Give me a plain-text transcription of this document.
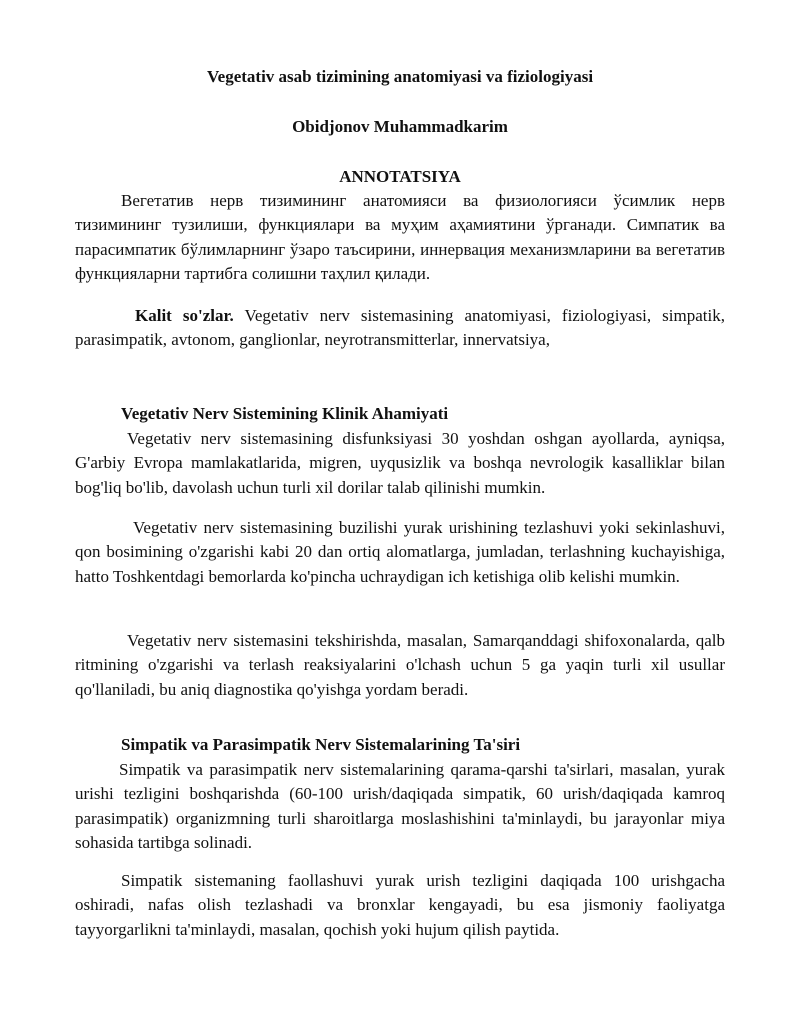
Vegetativ asab tizimining anatomiyasi va fiziologiyasi
Obidjonov Muhammadkarim
ANNOTATSIYA
Вегетатив нерв тизимининг анатомияси ва физиологияси ўсимлик нерв тизимининг тузилиши, функциялари ва муҳим аҳамиятини ўрганади. Симпатик ва парасимпатик бўлимларнинг ўзаро таъсирини, иннервация механизмларини ва вегетатив функцияларни тартибга солишни таҳлил қилади.
Kalit so'zlar. Vegetativ nerv sistemasining anatomiyasi, fiziologiyasi, simpatik, parasimpatik, avtonom, ganglionlar, neyrotransmitterlar, innervatsiya,
Vegetativ Nerv Sistemining Klinik Ahamiyati
Vegetativ nerv sistemasining disfunksiyasi 30 yoshdan oshgan ayollarda, ayniqsa, G'arbiy Evropa mamlakatlarida, migren, uyqusizlik va boshqa nevrologik kasalliklar bilan bog'liq bo'lib, davolash uchun turli xil dorilar talab qilinishi mumkin.
Vegetativ nerv sistemasining buzilishi yurak urishining tezlashuvi yoki sekinlashuvi, qon bosimining o'zgarishi kabi 20 dan ortiq alomatlarga, jumladan, terlashning kuchayishiga, hatto Toshkentdagi bemorlarda ko'pincha uchraydigan ich ketishiga olib kelishi mumkin.
Vegetativ nerv sistemasini tekshirishda, masalan, Samarqanddagi shifoxonalarda, qalb ritmining o'zgarishi va terlash reaksiyalarini o'lchash uchun 5 ga yaqin turli xil usullar qo'llaniladi, bu aniq diagnostika qo'yishga yordam beradi.
Simpatik va Parasimpatik Nerv Sistemalarining Ta'siri
Simpatik va parasimpatik nerv sistemalarining qarama-qarshi ta'sirlari, masalan, yurak urishi tezligini boshqarishda (60-100 urish/daqiqada simpatik, 60 urish/daqiqada kamroq parasimpatik) organizmning turli sharoitlarga moslashishini ta'minlaydi, bu jarayonlar miya sohasida tartibga solinadi.
Simpatik sistemaning faollashuvi yurak urish tezligini daqiqada 100 urishgacha oshiradi, nafas olish tezlashadi va bronxlar kengayadi, bu esa jismoniy faoliyatga tayyorgarlikni ta'minlaydi, masalan, qochish yoki hujum qilish paytida.
